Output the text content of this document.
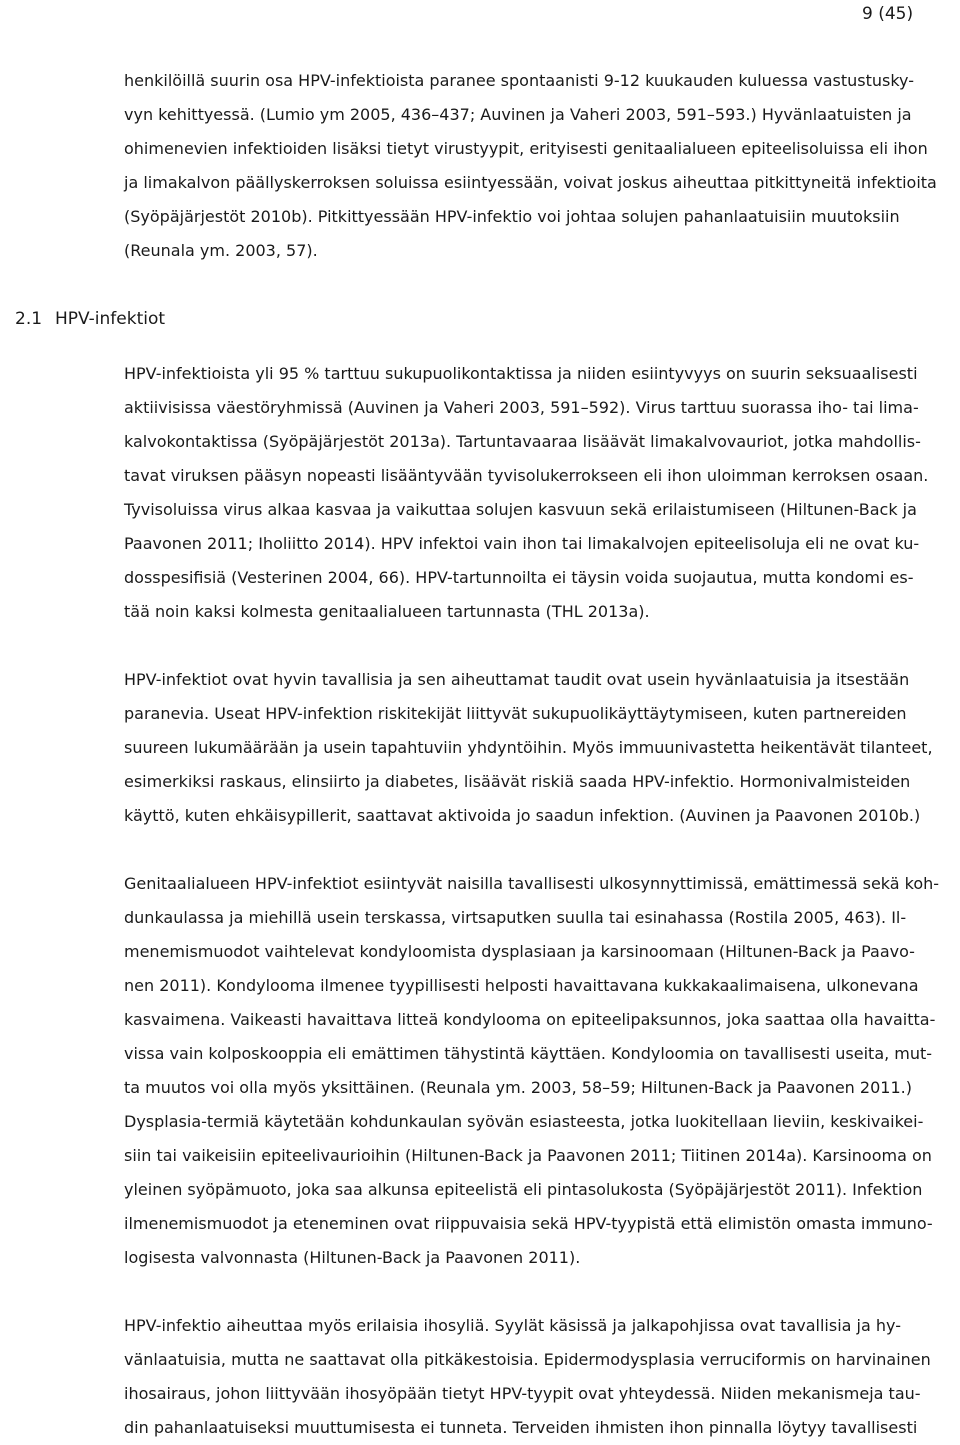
9 (45)
henkilöillä suurin osa HPV-infektioista paranee spontaanisti 9-12 kuukauden kuluessa vastustusky-
vyn kehittyessä. (Lumio ym 2005, 436–437; Auvinen ja Vaheri 2003, 591–593.) Hyvänlaatuisten ja
ohimenevien infektioiden lisäksi tietyt virustyypit, erityisesti genitaalialueen epiteelisoluissa eli ihon
ja limakalvon päällyskerroksen soluissa esiintyessään, voivat joskus aiheuttaa pitkittyneitä infektioita
(Syöpäjärjestöt 2010b). Pitkittyessään HPV-infektio voi johtaa solujen pahanlaatuisiin muutoksiin
(Reunala ym. 2003, 57).
2.1 HPV-infektiot
HPV-infektioista yli 95 % tarttuu sukupuolikontaktissa ja niiden esiintyvyys on suurin seksuaalisesti
aktiivisissa väestöryhmissä (Auvinen ja Vaheri 2003, 591–592). Virus tarttuu suorassa iho- tai lima-
kalvokontaktissa (Syöpäjärjestöt 2013a). Tartuntavaaraa lisäävät limakalvovauriot, jotka mahdollis-
tavat viruksen pääsyn nopeasti lisääntyvään tyvisolukerrokseen eli ihon uloimman kerroksen osaan.
Tyvisoluissa virus alkaa kasvaa ja vaikuttaa solujen kasvuun sekä erilaistumiseen (Hiltunen-Back ja
Paavonen 2011; Iholiitto 2014). HPV infektoi vain ihon tai limakalvojen epiteelisoluja eli ne ovat ku-
dosspesifisiä (Vesterinen 2004, 66). HPV-tartunnoilta ei täysin voida suojautua, mutta kondomi es-
tää noin kaksi kolmesta genitaalialueen tartunnasta (THL 2013a).
HPV-infektiot ovat hyvin tavallisia ja sen aiheuttamat taudit ovat usein hyvänlaatuisia ja itsestään
paranevia. Useat HPV-infektion riskitekijät liittyvät sukupuolikäyttäytymiseen, kuten partnereiden
suureen lukumäärään ja usein tapahtuviin yhdyntöihin. Myös immuunivastetta heikentävät tilanteet,
esimerkiksi raskaus, elinsiirto ja diabetes, lisäävät riskiä saada HPV-infektio. Hormonivalmisteiden
käyttö, kuten ehkäisypillerit, saattavat aktivoida jo saadun infektion. (Auvinen ja Paavonen 2010b.)
Genitaalialueen HPV-infektiot esiintyvät naisilla tavallisesti ulkosynnyttimissä, emättimessä sekä koh-
dunkaulassa ja miehillä usein terskassa, virtsaputken suulla tai esinahassa (Rostila 2005, 463). Il-
menemismuodot vaihtelevat kondyloomista dysplasiaan ja karsinoomaan (Hiltunen-Back ja Paavo-
nen 2011). Kondylooma ilmenee tyypillisesti helposti havaittavana kukkakaalimaisena, ulkonevana
kasvaimena. Vaikeasti havaittava litteä kondylooma on epiteelipaksunnos, joka saattaa olla havaitta-
vissa vain kolposkooppia eli emättimen tähystintä käyttäen. Kondyloomia on tavallisesti useita, mut-
ta muutos voi olla myös yksittäinen. (Reunala ym. 2003, 58–59; Hiltunen-Back ja Paavonen 2011.)
Dysplasia-termiä käytetään kohdunkaulan syövän esiasteesta, jotka luokitellaan lieviin, keskivaikei-
siin tai vaikeisiin epiteelivaurioihin (Hiltunen-Back ja Paavonen 2011; Tiitinen 2014a). Karsinooma on
yleinen syöpämuoto, joka saa alkunsa epiteelistä eli pintasolukosta (Syöpäjärjestöt 2011). Infektion
ilmenemismuodot ja eteneminen ovat riippuvaisia sekä HPV-tyypistä että elimistön omasta immuno-
logisesta valvonnasta (Hiltunen-Back ja Paavonen 2011).
HPV-infektio aiheuttaa myös erilaisia ihosyliä. Syylät käsissä ja jalkapohjissa ovat tavallisia ja hy-
vänlaatuisia, mutta ne saattavat olla pitkäkestoisia. Epidermodysplasia verruciformis on harvinainen
ihosairaus, johon liittyvään ihosyöpään tietyt HPV-tyypit ovat yhteydessä. Niiden mekanismeja tau-
din pahanlaatuiseksi muuttumisesta ei tunneta. Terveiden ihmisten ihon pinnalla löytyy tavallisesti
